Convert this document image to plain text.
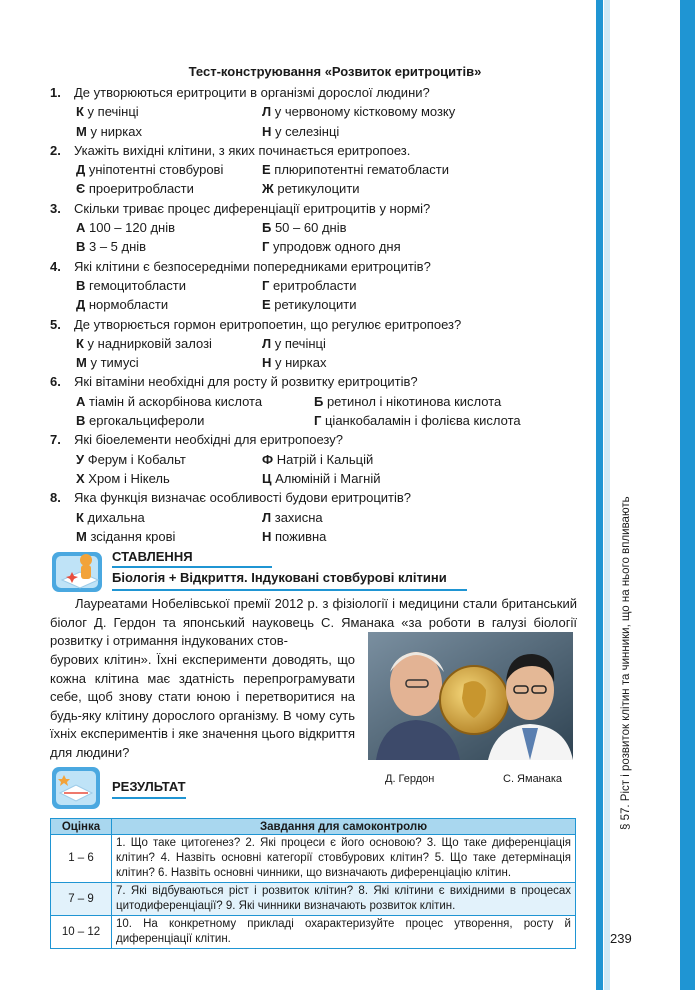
§ 57. Ріст і розвиток клітин та чинники, що на нього впливають
239
Тест-конструювання «Розвиток еритроцитів»
1.	Де утворюються еритроцити в організмі дорослої людини?
К у печінці	Л у червоному кістковому мозку
М у нирках	Н у селезінці
2.	Укажіть вихідні клітини, з яких починається еритропоез.
Д уніпотентні стовбурові	Е плюрипотентні гематобласти
Є проеритробласти	Ж ретикулоцити
3.	Скільки триває процес диференціації еритроцитів у нормі?
А 100 – 120 днів	Б 50 – 60 днів
В 3 – 5 днів	Г упродовж одного дня
4.	Які клітини є безпосередніми попередниками еритроцитів?
В гемоцитобласти	Г еритробласти
Д нормобласти	Е ретикулоцити
5.	Де утворюється гормон еритропоетин, що регулює еритропоез?
К у наднирковій залозі	Л у печінці
М у тимусі	Н у нирках
6.	Які вітаміни необхідні для росту й розвитку еритроцитів?
А тіамін й аскорбінова кислота	Б ретинол і нікотинова кислота
В ергокальцифероли	Г ціанкобаламін і фолієва кислота
7.	Які біоелементи необхідні для еритропоезу?
У Ферум і Кобальт	Ф Натрій і Кальцій
Х Хром і Нікель	Ц Алюміній і Магній
8.	Яка функція визначає особливості будови еритроцитів?
К дихальна	Л захисна
М зсідання крові	Н поживна
СТАВЛЕННЯ
Біологія + Відкриття. Індуковані стовбурові клітини
Лауреатами Нобелівської премії 2012 р. з фізіології і медицини стали британський біолог Д. Гердон та японський науковець С. Яманака «за роботи в галузі біології розвитку і отримання індукованих стов-
бурових клітин». Їхні експерименти доводять, що кожна клітина має здатність перепрограмувати себе, щоб знову стати юною і перетворитися на будь-яку клітину дорослого організму. В чому суть їхніх експериментів і яке значення цього відкриття для людини?
Д. Гердон	С. Яманака
РЕЗУЛЬТАТ
Оцінка	Завдання для самоконтролю
1 – 6	1. Що таке цитогенез? 2. Які процеси є його основою? 3. Що таке диференціація клітин? 4. Назвіть основні категорії стовбурових клітин? 5. Що таке детермінація клітин? 6. Назвіть основні чинники, що визначають диференціацію клітин.
7 – 9	7. Які відбуваються ріст і розвиток клітин? 8. Які клітини є вихідними в процесах цитодиференціації? 9. Які чинники визначають розвиток клітин.
10 – 12	10. На конкретному прикладі охарактеризуйте процес утворення, росту й диференціації клітин.
